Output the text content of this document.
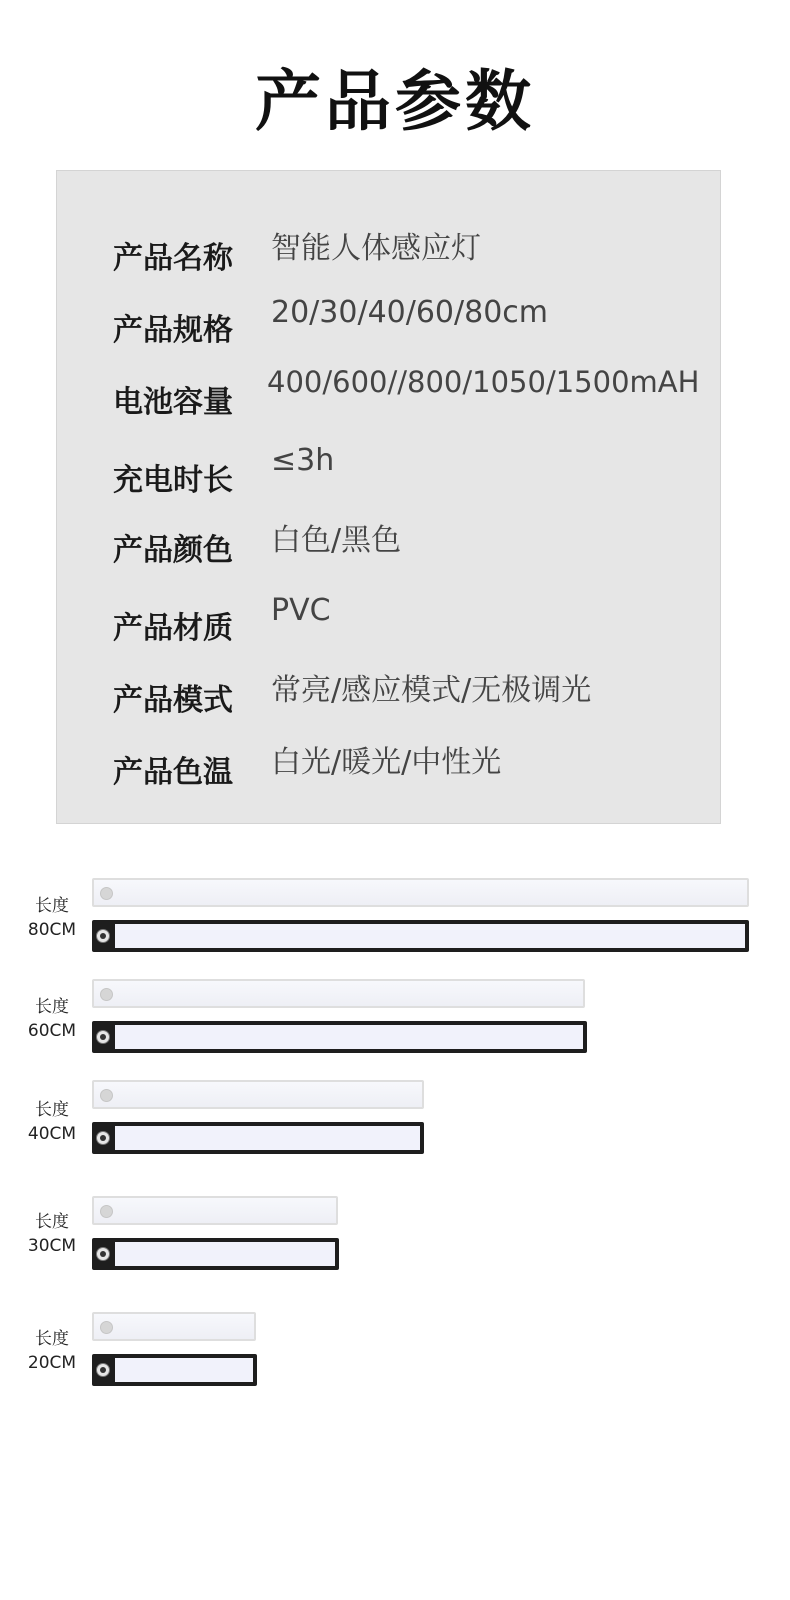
产品参数
产品名称 智能人体感应灯
产品规格
20/30/40/60/80cm
电池容量
400/600//800/1050/1500mAH
充电时长
≤3h
产品颜色 白色/黑色
产品材质
PVC
产品模式 常亮/感应模式/无极调光
产品色温 白光/暖光/中性光
长度
80CM
长度
60CM
长度
40CM
长度
30CM
长度
20CM
